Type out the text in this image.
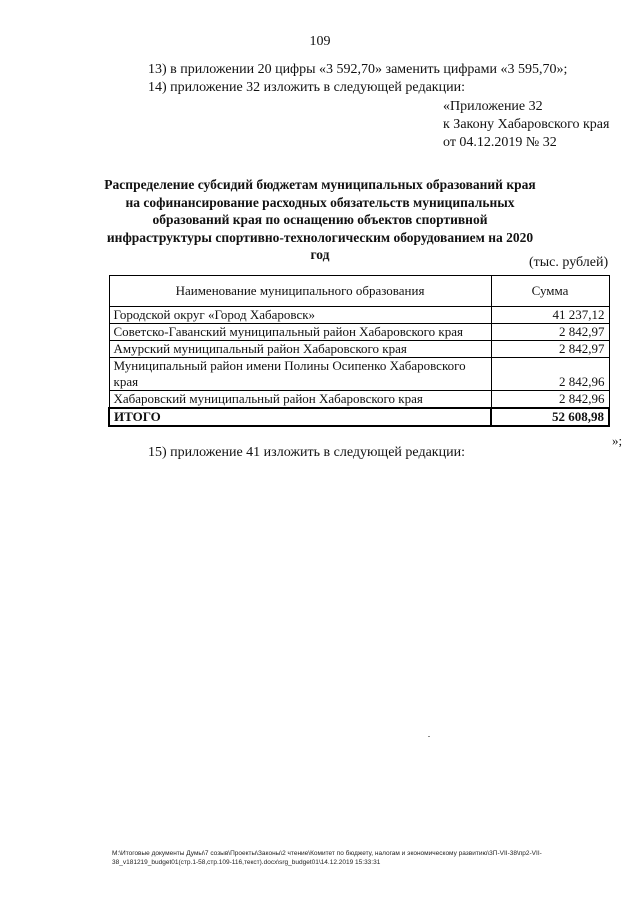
109
13) в приложении 20 цифры «3 592,70» заменить цифрами «3 595,70»;
14) приложение 32 изложить в следующей редакции:
«Приложение 32
к Закону Хабаровского края
от 04.12.2019 № 32
Распределение субсидий бюджетам муниципальных образований края на софинансирование расходных обязательств муниципальных образований края по оснащению объектов спортивной инфраструктуры спортивно-технологическим оборудованием на 2020 год
(тыс. рублей)
Наименование муниципального образования	Сумма
Городской округ «Город Хабаровск»	41 237,12
Советско-Гаванский муниципальный район Хабаровского края	2 842,97
Амурский муниципальный район Хабаровского края	2 842,97
Муниципальный район имени Полины Осипенко Хабаровского края	2 842,96
Хабаровский муниципальный район Хабаровского края	2 842,96
ИТОГО	52 608,98
»;
15) приложение 41 изложить в следующей редакции:
M:\Итоговые документы Думы\7 созыв\Проекты\Законы\2 чтение\Комитет по бюджету, налогам и экономическому развитию\3П-VII-38\пр2-VII-38_v181219_budget01(стр.1-58,стр.109-116,текст).docx\srg_budget01\14.12.2019 15:33:31
